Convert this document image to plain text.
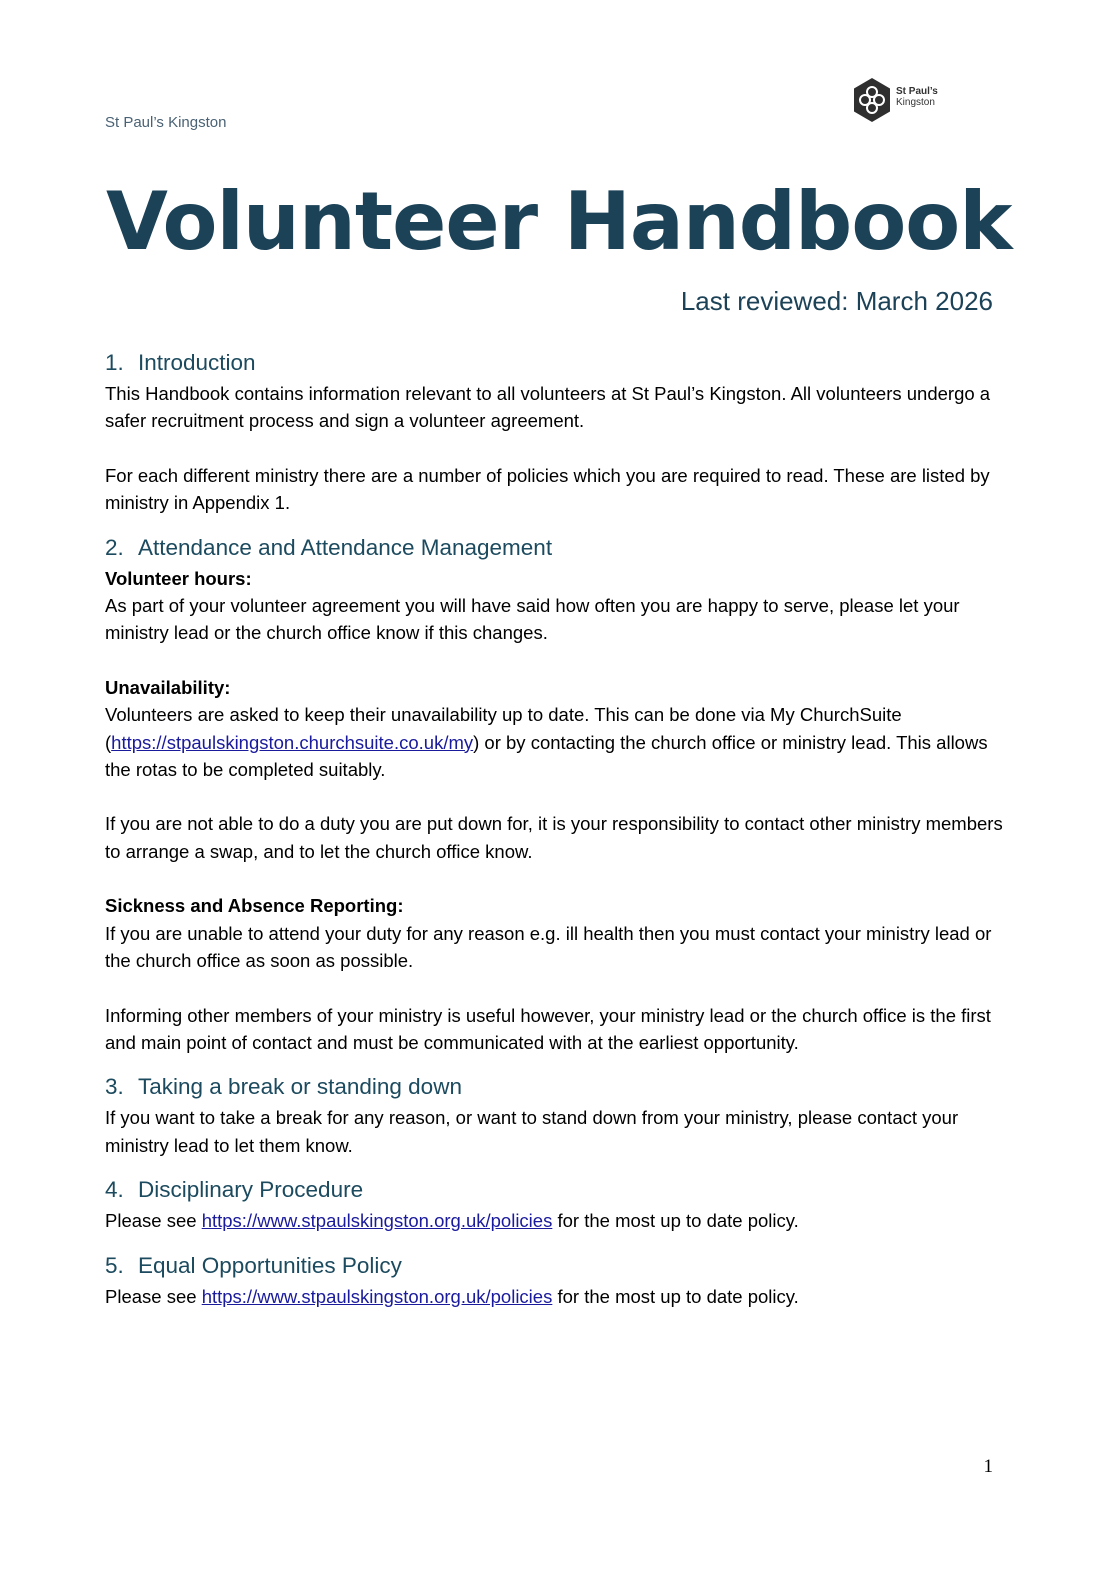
St Paul’s Kingston
St Paul’s
Kingston
Volunteer Handbook
Last reviewed: March 2026
1. Introduction

This Handbook contains information relevant to all volunteers at St Paul’s Kingston. All volunteers undergo a safer recruitment process and sign a volunteer agreement.

For each different ministry there are a number of policies which you are required to read. These are listed by ministry in Appendix 1.

2. Attendance and Attendance Management

Volunteer hours:

As part of your volunteer agreement you will have said how often you are happy to serve, please let your ministry lead or the church office know if this changes.

Unavailability:

Volunteers are asked to keep their unavailability up to date. This can be done via My ChurchSuite (https://stpaulskingston.churchsuite.co.uk/my) or by contacting the church office or ministry lead. This allows the rotas to be completed suitably.

If you are not able to do a duty you are put down for, it is your responsibility to contact other ministry members to arrange a swap, and to let the church office know.

Sickness and Absence Reporting:

If you are unable to attend your duty for any reason e.g. ill health then you must contact your ministry lead or the church office as soon as possible.

Informing other members of your ministry is useful however, your ministry lead or the church office is the first and main point of contact and must be communicated with at the earliest opportunity.

3. Taking a break or standing down

If you want to take a break for any reason, or want to stand down from your ministry, please contact your ministry lead to let them know.

4. Disciplinary Procedure

Please see https://www.stpaulskingston.org.uk/policies for the most up to date policy.

5. Equal Opportunities Policy

Please see https://www.stpaulskingston.org.uk/policies for the most up to date policy.

1
